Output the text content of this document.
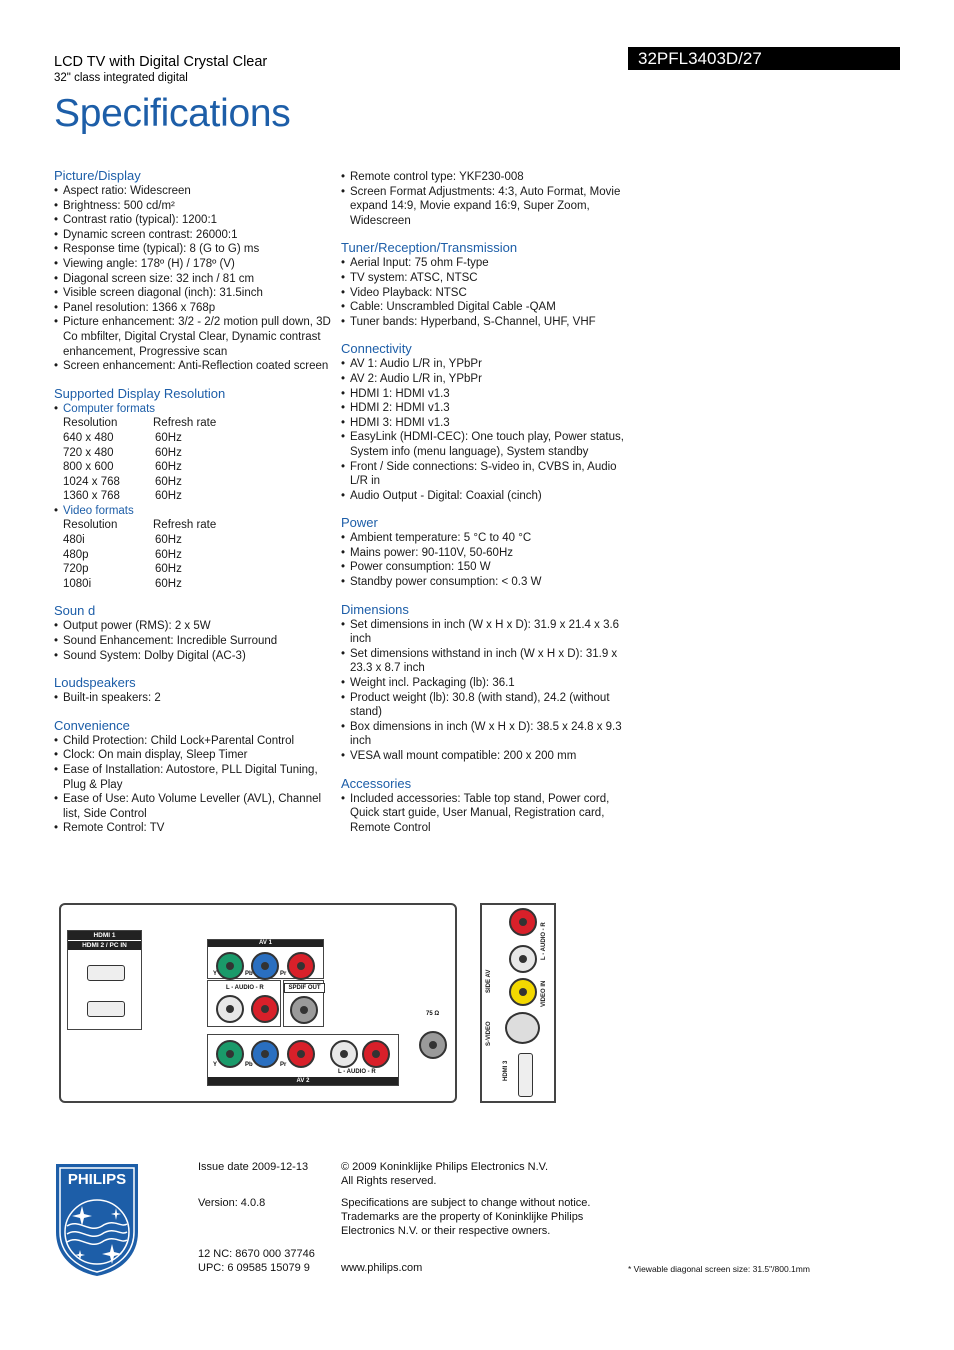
LCD TV with Digital Crystal Clear
32" class integrated digital
32PFL3403D/27
Specifications
Picture/Display
• Aspect ratio: Widescreen
• Brightness: 500 cd/m²
• Contrast ratio (typical): 1200:1
• Dynamic screen contrast: 26000:1
• Response time (typical): 8 (G to G) ms
• Viewing angle: 178º (H) / 178º (V)
• Diagonal screen size: 32 inch / 81 cm
• Visible screen diagonal (inch): 31.5inch
• Panel resolution: 1366 x 768p
• Picture enhancement: 3/2 - 2/2 motion pull down, 3D Co mbfilter, Digital Crystal Clear, Dynamic contrast enhancement, Progressive scan
• Screen enhancement: Anti-Reflection coated screen
Supported Display Resolution
• Computer formats
Resolution	Refresh rate
640 x 480	60Hz
720 x 480	60Hz
800 x 600	60Hz
1024 x 768	60Hz
1360 x 768	60Hz
• Video formats
Resolution	Refresh rate
480i	60Hz
480p	60Hz
720p	60Hz
1080i	60Hz
Soun d
• Output power (RMS): 2 x 5W
• Sound Enhancement: Incredible Surround
• Sound System: Dolby Digital (AC-3)
Loudspeakers
• Built-in speakers: 2
Convenience
• Child Protection: Child Lock+Parental Control
• Clock: On main display, Sleep Timer
• Ease of Installation: Autostore, PLL Digital Tuning, Plug & Play
• Ease of Use: Auto Volume Leveller (AVL), Channel list, Side Control
• Remote Control: TV
• Remote control type: YKF230-008
• Screen Format Adjustments: 4:3, Auto Format, Movie expand 14:9, Movie expand 16:9, Super Zoom, Widescreen
Tuner/Reception/Transmission
• Aerial Input: 75 ohm F-type
• TV system: ATSC, NTSC
• Video Playback: NTSC
• Cable: Unscrambled Digital Cable -QAM
• Tuner bands: Hyperband, S-Channel, UHF, VHF
Connectivity
• AV 1: Audio L/R in, YPbPr
• AV 2: Audio L/R in, YPbPr
• HDMI 1: HDMI v1.3
• HDMI 2: HDMI v1.3
• HDMI 3: HDMI v1.3
• EasyLink (HDMI-CEC): One touch play, Power status, System info (menu language), System standby
• Front / Side connections: S-video in, CVBS in, Audio L/R in
• Audio Output - Digital: Coaxial (cinch)
Power
• Ambient temperature: 5 °C to 40 °C
• Mains power: 90-110V, 50-60Hz
• Power consumption: 150 W
• Standby power consumption: < 0.3 W
Dimensions
• Set dimensions in inch (W x H x D): 31.9 x 21.4 x 3.6 inch
• Set dimensions withstand in inch (W x H x D): 31.9 x 23.3 x 8.7 inch
• Weight incl. Packaging (lb): 36.1
• Product weight (lb): 30.8 (with stand), 24.2 (without stand)
• Box dimensions in inch (W x H x D): 38.5 x 24.8 x 9.3 inch
• VESA wall mount compatible: 200 x 200 mm
Accessories
• Included accessories: Table top stand, Power cord, Quick start guide, User Manual, Registration card, Remote Control
HDMI 1
HDMI 2 / PC IN	AV 1
Y	Pb	Pr
L - AUDIO - R	SPDIF OUT
75 Ω
Y	Pb	Pr
L - AUDIO - R
AV 2
L - AUDIO - R
SIDE AV	VIDEO IN
S-VIDEO
HDMI 3
PHILIPS
Issue date 2009-12-13
Version: 4.0.8
12 NC: 8670 000 37746
UPC: 6 09585 15079 9
© 2009 Koninklijke Philips Electronics N.V.
All Rights reserved.
Specifications are subject to change without notice.
Trademarks are the property of Koninklijke Philips
Electronics N.V. or their respective owners.
www.philips.com	* Viewable diagonal screen size: 31.5"/800.1mm
